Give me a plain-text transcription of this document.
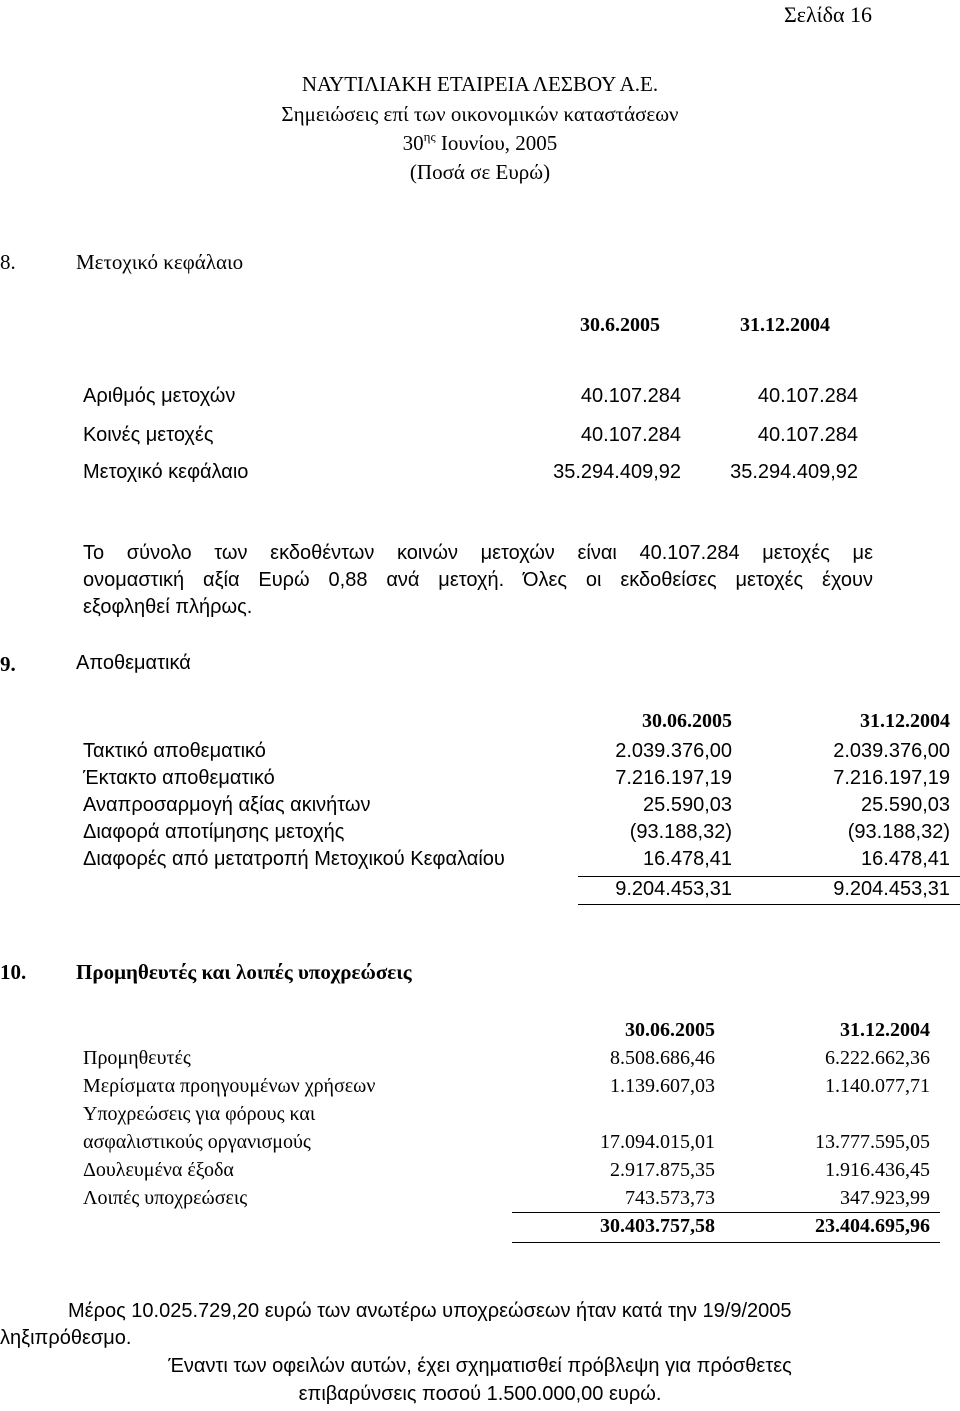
Σελίδα 16
ΝΑΥΤΙΛΙΑΚΗ ΕΤΑΙΡΕΙΑ ΛΕΣΒΟΥ Α.Ε.
Σημειώσεις επί των οικονομικών καταστάσεων
$30^{\eta\varsigma}$ Ιουνίου, 2005
(Ποσά σε Ευρώ)
8.	Μετοχικό κεφάλαιο
30.6.2005	31.12.2004
Αριθμός μετοχών	40.107.284	40.107.284
Κοινές μετοχές	40.107.284	40.107.284
Μετοχικό κεφάλαιο	35.294.409,92	35.294.409,92
Το σύνολο των εκδοθέντων κοινών μετοχών είναι 40.107.284 μετοχές με
ονομαστική αξία Ευρώ 0,88 ανά μετοχή. Όλες οι εκδοθείσες μετοχές έχουν
εξοφληθεί πλήρως.
9.	Αποθεματικά
30.06.2005	31.12.2004
Τακτικό αποθεματικό	2.039.376,00	2.039.376,00
Έκτακτο αποθεματικό	7.216.197,19	7.216.197,19
Αναπροσαρμογή αξίας ακινήτων	25.590,03	25.590,03
Διαφορά αποτίμησης μετοχής	(93.188,32)	(93.188,32)
Διαφορές από μετατροπή Μετοχικού Κεφαλαίου	16.478,41	16.478,41
9.204.453,31	9.204.453,31
10. Προμηθευτές και λοιπές υποχρεώσεις
30.06.2005	31.12.2004
Προμηθευτές	8.508.686,46	6.222.662,36
Μερίσματα προηγουμένων χρήσεων	1.139.607,03	1.140.077,71
Υποχρεώσεις για φόρους και
ασφαλιστικούς οργανισμούς	17.094.015,01	13.777.595,05
Δουλευμένα έξοδα	2.917.875,35	1.916.436,45
Λοιπές υποχρεώσεις	743.573,73	347.923,99
30.403.757,58	23.404.695,96
Μέρος 10.025.729,20 ευρώ των ανωτέρω υποχρεώσεων ήταν κατά την 19/9/2005
ληξιπρόθεσμο.
Έναντι των οφειλών αυτών, έχει σχηματισθεί πρόβλεψη για πρόσθετες
επιβαρύνσεις ποσού 1.500.000,00 ευρώ.
